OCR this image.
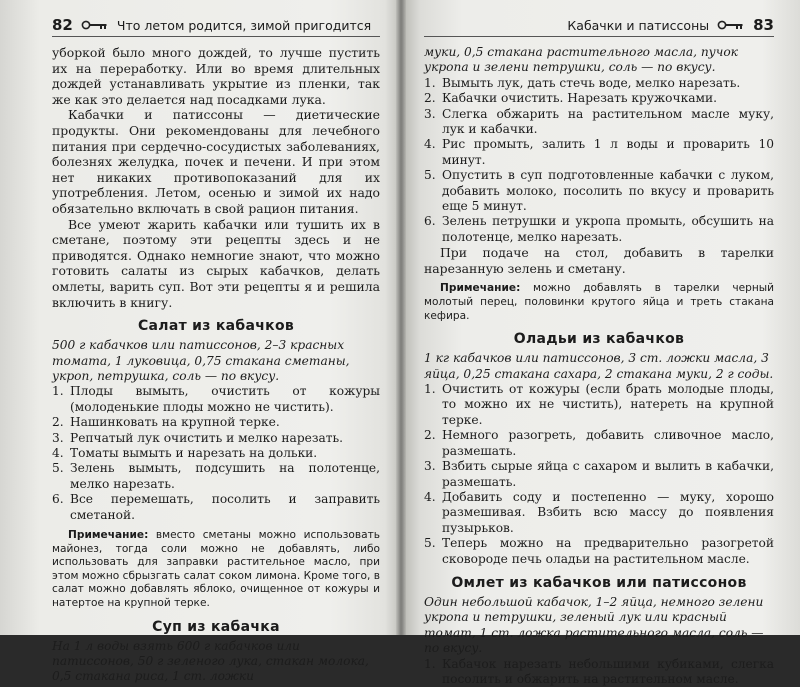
82	Что летом родится, зимой пригодится

уборкой было много дождей, то лучше пустить их на переработку. Или во время длительных дождей устанавливать укрытие из пленки, так же как это делается над посадками лука.

Кабачки и патиссоны — диетические продукты. Они рекомендованы для лечебного питания при сердечно-сосудистых заболеваниях, болезнях желудка, почек и печени. И при этом нет никаких противопоказаний для их употребления. Летом, осенью и зимой их надо обязательно включать в свой рацион питания.

Все умеют жарить кабачки или тушить их в сметане, поэтому эти рецепты здесь и не приводятся. Однако немногие знают, что можно готовить салаты из сырых кабачков, делать омлеты, варить суп. Вот эти рецепты я и решила включить в книгу.

Салат из кабачков

500 г кабачков или патиссонов, 2–3 красных томата, 1 луковица, 0,75 стакана сметаны, укроп, петрушка, соль — по вкусу.

1. Плоды вымыть, очистить от кожуры (молоденькие плоды можно не чистить).
2. Нашинковать на крупной терке.
3. Репчатый лук очистить и мелко нарезать.
4. Томаты вымыть и нарезать на дольки.
5. Зелень вымыть, подсушить на полотенце, мелко нарезать.
6. Все перемешать, посолить и заправить сметаной.

Примечание: вместо сметаны можно использовать майонез, тогда соли можно не добавлять, либо использовать для заправки растительное масло, при этом можно сбрызгать салат соком лимона. Кроме того, в салат можно добавлять яблоко, очищенное от кожуры и натертое на крупной терке.

Суп из кабачка

На 1 л воды взять 600 г кабачков или патиссонов, 50 г зеленого лука, стакан молока, 0,5 стакана риса, 1 ст. ложки

Кабачки и патиссоны	83

муки, 0,5 стакана растительного масла, пучок укропа и зелени петрушки, соль — по вкусу.

1. Вымыть лук, дать стечь воде, мелко нарезать.
2. Кабачки очистить. Нарезать кружочками.
3. Слегка обжарить на растительном масле муку, лук и кабачки.
4. Рис промыть, залить 1 л воды и проварить 10 минут.
5. Опустить в суп подготовленные кабачки с луком, добавить молоко, посолить по вкусу и проварить еще 5 минут.
6. Зелень петрушки и укропа промыть, обсушить на полотенце, мелко нарезать.

При подаче на стол, добавить в тарелки нарезанную зелень и сметану.

Примечание: можно добавлять в тарелки черный молотый перец, половинки крутого яйца и треть стакана кефира.

Оладьи из кабачков

1 кг кабачков или патиссонов, 3 ст. ложки масла, 3 яйца, 0,25 стакана сахара, 2 стакана муки, 2 г соды.

1. Очистить от кожуры (если брать молодые плоды, то можно их не чистить), натереть на крупной терке.
2. Немного разогреть, добавить сливочное масло, размешать.
3. Взбить сырые яйца с сахаром и вылить в кабачки, размешать.
4. Добавить соду и постепенно — муку, хорошо размешивая. Взбить всю массу до появления пузырьков.
5. Теперь можно на предварительно разогретой сковороде печь оладьи на растительном масле.
Омлет из кабачков или патиссонов

Один небольшой кабачок, 1–2 яйца, немного зелени укропа и петрушки, зеленый лук или красный томат, 1 ст. ложка растительного масла, соль — по вкусу.

1. Кабачок нарезать небольшими кубиками, слегка посолить и обжарить на растительном масле.
